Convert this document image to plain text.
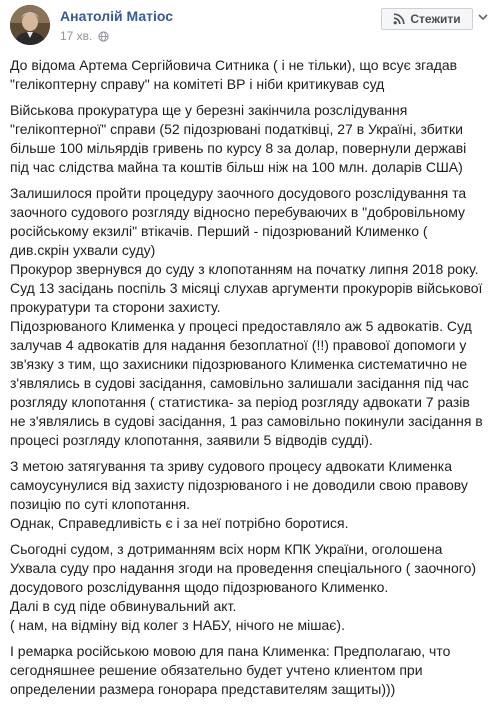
Анатолій Матіос
17 хв.
Стежити

До відома Артема Сергійовича Ситника ( і не тільки), що всує згадав
"гелікоптерну справу" на комітеті ВР і ніби критикував суд

Військова прокуратура ще у березні закінчила розслідування
"гелікоптерної" справи (52 підозрювані податківці, 27 в Україні, збитки
більше 100 мільярдів гривень по курсу 8 за долар, повернули державі
під час слідства майна та коштів більш ніж на 100 млн. доларів США)

Залишилося пройти процедуру заочного досудового розслідування та
заочного судового розгляду відносно перебуваючих в "добровільному
російському екзилі" втікачів. Перший - підозрюваний Клименко (
див.скрін ухвали суду)
Прокурор звернувся до суду з клопотанням на початку липня 2018 року.
Суд 13 засідань поспіль 3 місяці слухав аргументи прокурорів військової
прокуратури та сторони захисту.
Підозрюваного Клименка у процесі предоставляло аж 5 адвокатів. Суд
залучав 4 адвокатів для надання безоплатної (!!) правової допомоги у
зв'язку з тим, що захисники підозрюваного Клименка систематично не
з'являлись в судові засідання, самовільно залишали засідання під час
розгляду клопотання ( статистика- за період розгляду адвокати 7 разів
не з'являлись в судові засідання, 1 раз самовільно покинули засідання в
процесі розгляду клопотання, заявили 5 відводів судді).

З метою затягування та зриву судового процесу адвокати Клименка
самоусунулися від захисту підозрюваного і не доводили свою правову
позицію по суті клопотання.
Однак, Справедливість є і за неї потрібно боротися.

Сьогодні судом, з дотриманням всіх норм КПК України, оголошена
Ухвала суду про надання згоди на проведення спеціального ( заочного)
досудового розслідування щодо підозрюваного Клименко.
Далі в суд піде обвинувальний акт.
( нам, на відміну від колег з НАБУ, нічого не мішає).

І ремарка російською мовою для пана Клименка: Предполагаю, что
сегодняшнее решение обязательно будет учтено клиентом при
определении размера гонорара представителям защиты)))
